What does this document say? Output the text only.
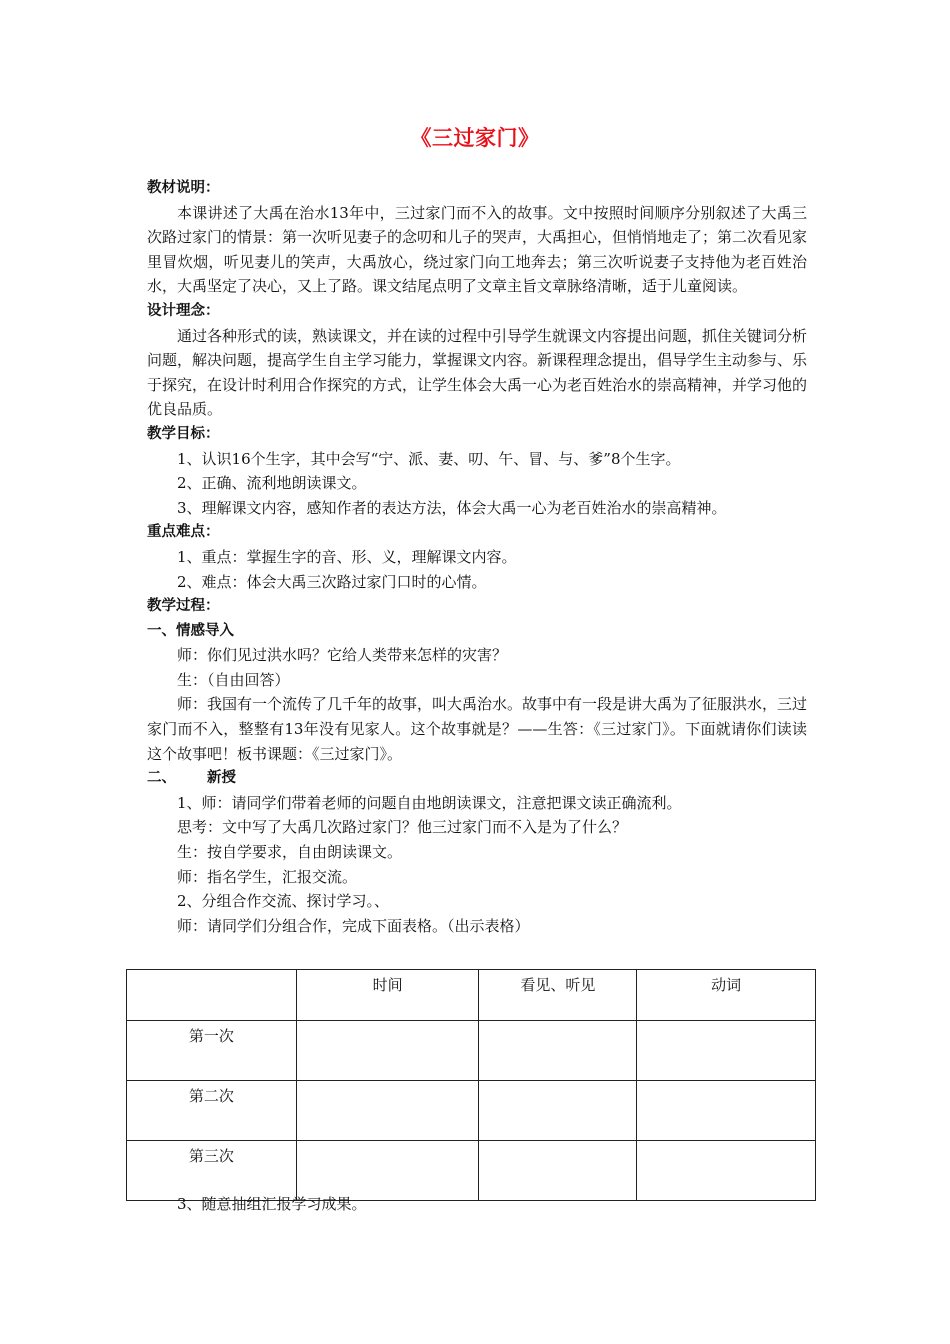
《三过家门》
教材说明：

本课讲述了大禹在治水13年中，三过家门而不入的故事。文中按照时间顺序分别叙述了大禹三次路过家门的情景：第一次听见妻子的念叨和儿子的哭声，大禹担心，但悄悄地走了；第二次看见家里冒炊烟，听见妻儿的笑声，大禹放心，绕过家门向工地奔去；第三次听说妻子支持他为老百姓治水，大禹坚定了决心，又上了路。课文结尾点明了文章主旨文章脉络清晰，适于儿童阅读。

设计理念：

通过各种形式的读，熟读课文，并在读的过程中引导学生就课文内容提出问题，抓住关键词分析问题，解决问题，提高学生自主学习能力，掌握课文内容。新课程理念提出，倡导学生主动参与、乐于探究，在设计时利用合作探究的方式，让学生体会大禹一心为老百姓治水的崇高精神，并学习他的优良品质。

教学目标：

1、认识16个生字，其中会写“宁、派、妻、叨、午、冒、与、爹”8个生字。

2、正确、流利地朗读课文。

3、理解课文内容，感知作者的表达方法，体会大禹一心为老百姓治水的崇高精神。

重点难点：

1、重点：掌握生字的音、形、义，理解课文内容。

2、难点：体会大禹三次路过家门口时的心情。

教学过程：
一、情感导入

师：你们见过洪水吗？它给人类带来怎样的灾害？

生：（自由回答）

师：我国有一个流传了几千年的故事，叫大禹治水。故事中有一段是讲大禹为了征服洪水，三过家门而不入，整整有13年没有见家人。这个故事就是？——生答：《三过家门》。下面就请你们读读这个故事吧！板书课题：《三过家门》。

二、 新授

1、师：请同学们带着老师的问题自由地朗读课文，注意把课文读正确流利。

思考：文中写了大禹几次路过家门？他三过家门而不入是为了什么？

生：按自学要求，自由朗读课文。

师：指名学生，汇报交流。

2、分组合作交流、探讨学习。、

师：请同学们分组合作，完成下面表格。（出示表格）

	时间	看见、听见	动词
第一次			
第二次			
第三次			
3、随意抽组汇报学习成果。
